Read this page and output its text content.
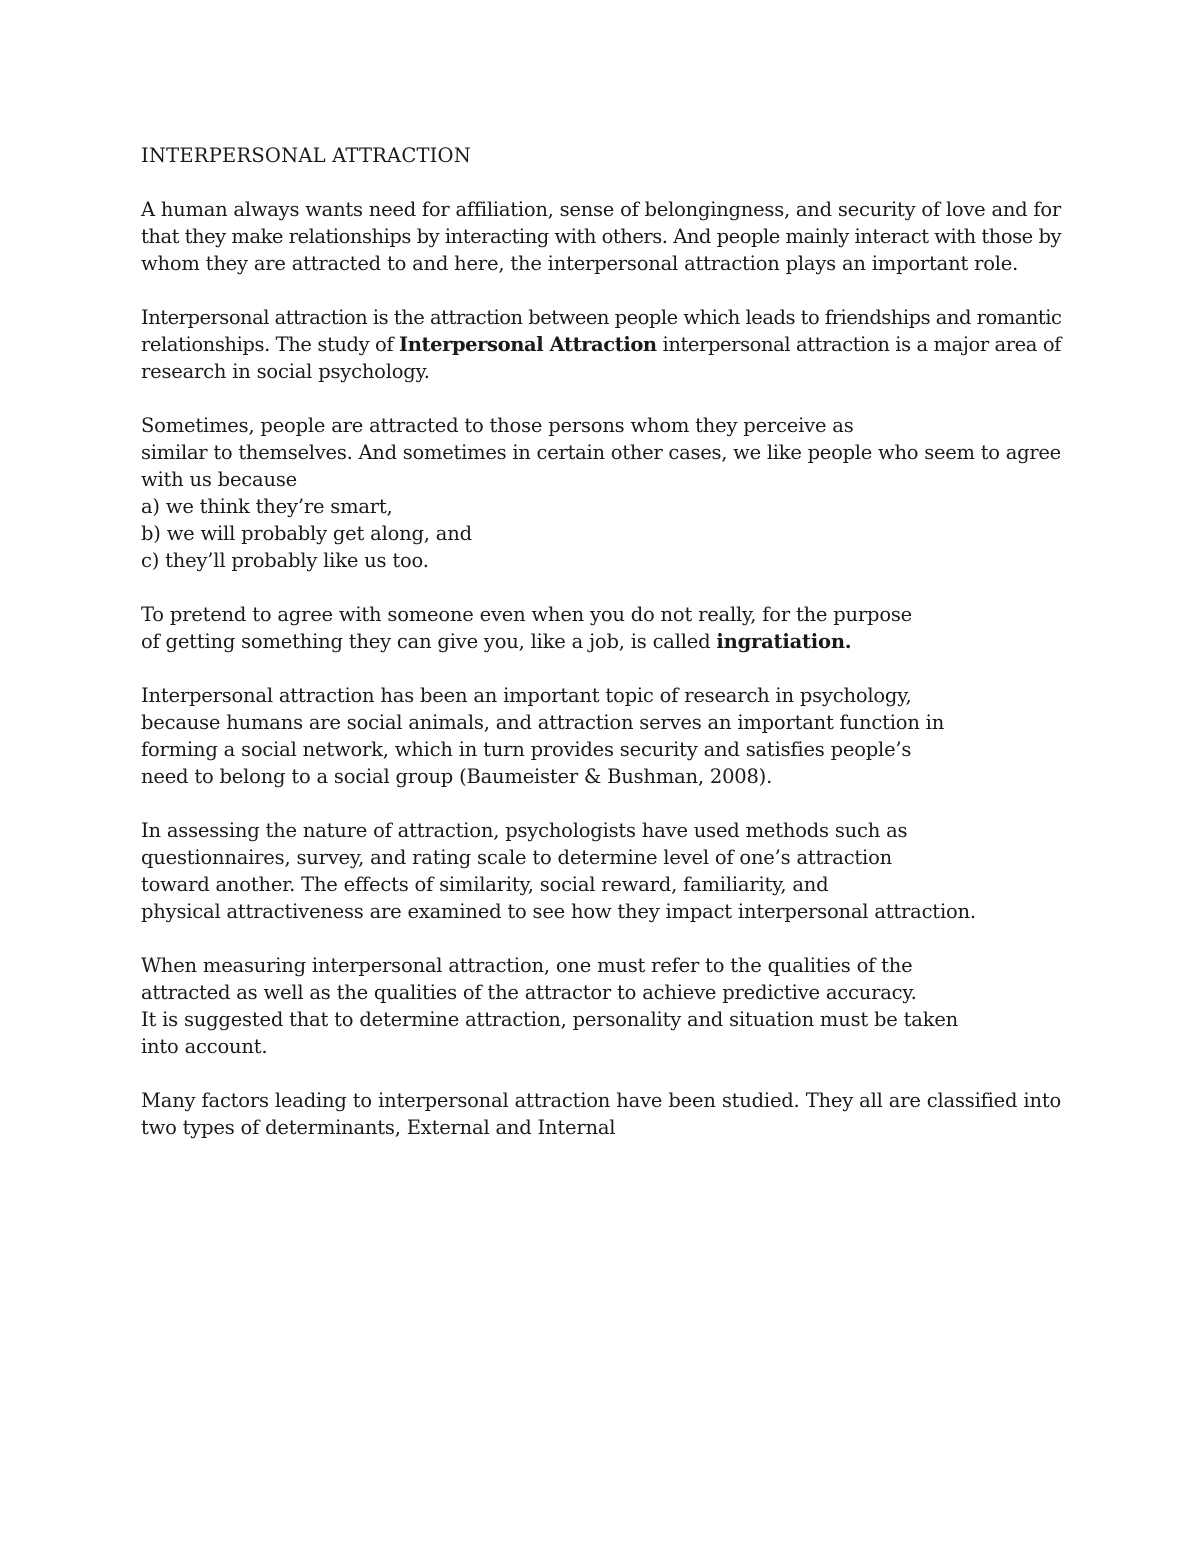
INTERPERSONAL ATTRACTION
A human always wants need for affiliation, sense of belongingness, and security of love and for
that they make relationships by interacting with others. And people mainly interact with those by
whom they are attracted to and here, the interpersonal attraction plays an important role.
Interpersonal attraction is the attraction between people which leads to friendships and romantic
relationships. The study of Interpersonal Attraction interpersonal attraction is a major area of
research in social psychology.
Sometimes, people are attracted to those persons whom they perceive as
similar to themselves. And sometimes in certain other cases, we like people who seem to agree
with us because
a) we think they’re smart,
b) we will probably get along, and
c) they’ll probably like us too.
To pretend to agree with someone even when you do not really, for the purpose
of getting something they can give you, like a job, is called ingratiation.
Interpersonal attraction has been an important topic of research in psychology,
because humans are social animals, and attraction serves an important function in
forming a social network, which in turn provides security and satisfies people’s
need to belong to a social group (Baumeister & Bushman, 2008).
In assessing the nature of attraction, psychologists have used methods such as
questionnaires, survey, and rating scale to determine level of one’s attraction
toward another. The effects of similarity, social reward, familiarity, and
physical attractiveness are examined to see how they impact interpersonal attraction.
When measuring interpersonal attraction, one must refer to the qualities of the
attracted as well as the qualities of the attractor to achieve predictive accuracy.
It is suggested that to determine attraction, personality and situation must be taken
into account.
Many factors leading to interpersonal attraction have been studied. They all are classified into
two types of determinants, External and Internal
